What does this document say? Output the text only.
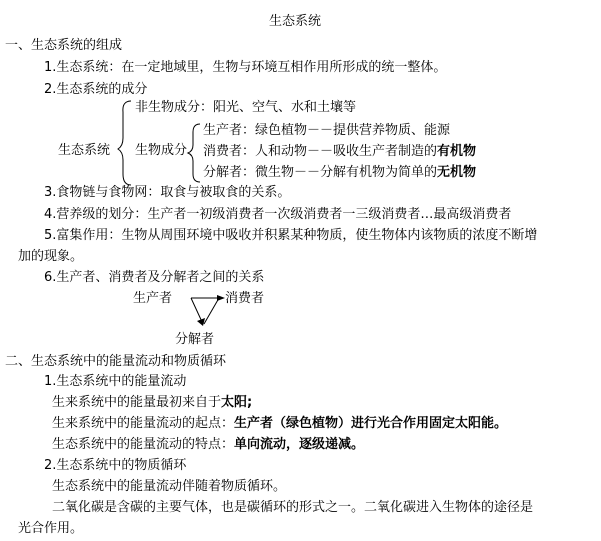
生态系统
一、生态系统的组成
1.生态系统：在一定地域里，生物与环境互相作用所形成的统一整体。
2.生态系统的成分
生态系统
非生物成分：阳光、空气、水和土壤等
生物成分
生产者：绿色植物－－提供营养物质、能源
消费者：人和动物－－吸收生产者制造的有机物
分解者：微生物－－分解有机物为简单的无机物
3.食物链与食物网：取食与被取食的关系。
4.营养级的划分：生产者一初级消费者一次级消费者一三级消费者…最高级消费者
5.富集作用：生物从周围环境中吸收并积累某种物质，使生物体内该物质的浓度不断增
加的现象。
6.生产者、消费者及分解者之间的关系
生产者	消费者
分解者
二、生态系统中的能量流动和物质循环
1.生态系统中的能量流动
生来系统中的能量最初来自于太阳;
生来系统中的能量流动的起点：生产者（绿色植物）进行光合作用固定太阳能。
生态系统中的能量流动的特点：单向流动，逐级递减。
2.生态系统中的物质循环
生态系统中的能量流动伴随着物质循环。
二氧化碳是含碳的主要气体，也是碳循环的形式之一。二氧化碳进入生物体的途径是
光合作用。
